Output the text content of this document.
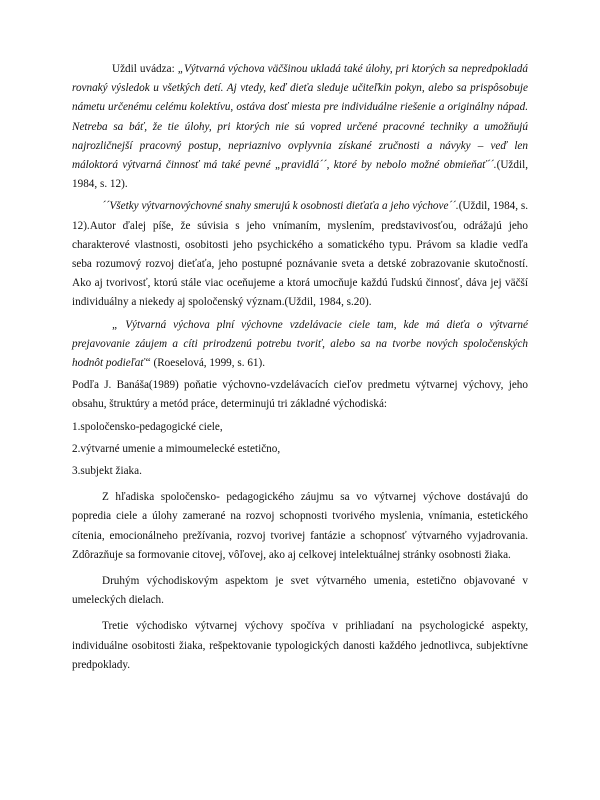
Uždil uvádza: „Výtvarná výchova väčšinou ukladá také úlohy, pri ktorých sa nepredpokladá rovnaký výsledok u všetkých detí. Aj vtedy, keď dieťa sleduje učiteľkin pokyn, alebo sa prispôsobuje námetu určenému celému kolektívu, ostáva dosť miesta pre individuálne riešenie a originálny nápad. Netreba sa báť, že tie úlohy, pri ktorých nie sú vopred určené pracovné techniky a umožňujú najrozličnejší pracovný postup, nepriaznivo ovplyvnia získané zručnosti a návyky – veď len máloktorá výtvarná činnosť má také pevné „pravidlá´´, ktoré by nebolo možné obmieňať´´.(Uždil, 1984, s. 12).

´´Všetky výtvarnovýchovné snahy smerujú k osobnosti dieťaťa a jeho výchove´´.(Uždil, 1984, s. 12).Autor ďalej píše, že súvisia s jeho vnímaním, myslením, predstavivosťou, odrážajú jeho charakterové vlastnosti, osobitosti jeho psychického a somatického typu. Právom sa kladie vedľa seba rozumový rozvoj dieťaťa, jeho postupné poznávanie sveta a detské zobrazovanie skutočností. Ako aj tvorivosť, ktorú stále viac oceňujeme a ktorá umocňuje každú ľudskú činnosť, dáva jej väčší individuálny a niekedy aj spoločenský význam.(Uždil, 1984, s.20).

„ Výtvarná výchova plní výchovne vzdelávacie ciele tam, kde má dieťa o výtvarné prejavovanie záujem a cíti prirodzenú potrebu tvoriť, alebo sa na tvorbe nových spoločenských hodnôt podieľať“ (Roeselová, 1999, s. 61).

Podľa J. Banáša(1989) poňatie výchovno-vzdelávacích cieľov predmetu výtvarnej výchovy, jeho obsahu, štruktúry a metód práce, determinujú tri základné východiská:

1.spoločensko-pedagogické ciele,

2.výtvarné umenie a mimoumelecké estetično,

3.subjekt žiaka.

Z hľadiska spoločensko- pedagogického záujmu sa vo výtvarnej výchove dostávajú do popredia ciele a úlohy zamerané na rozvoj schopnosti tvorivého myslenia, vnímania, estetického cítenia, emocionálneho prežívania, rozvoj tvorivej fantázie a schopnosť výtvarného vyjadrovania. Zdôrazňuje sa formovanie citovej, vôľovej, ako aj celkovej intelektuálnej stránky osobnosti žiaka.

Druhým východiskovým aspektom je svet výtvarného umenia, estetično objavované v umeleckých dielach.

Tretie východisko výtvarnej výchovy spočíva v prihliadaní na psychologické aspekty, individuálne osobitosti žiaka, rešpektovanie typologických danosti každého jednotlivca, subjektívne predpoklady.
